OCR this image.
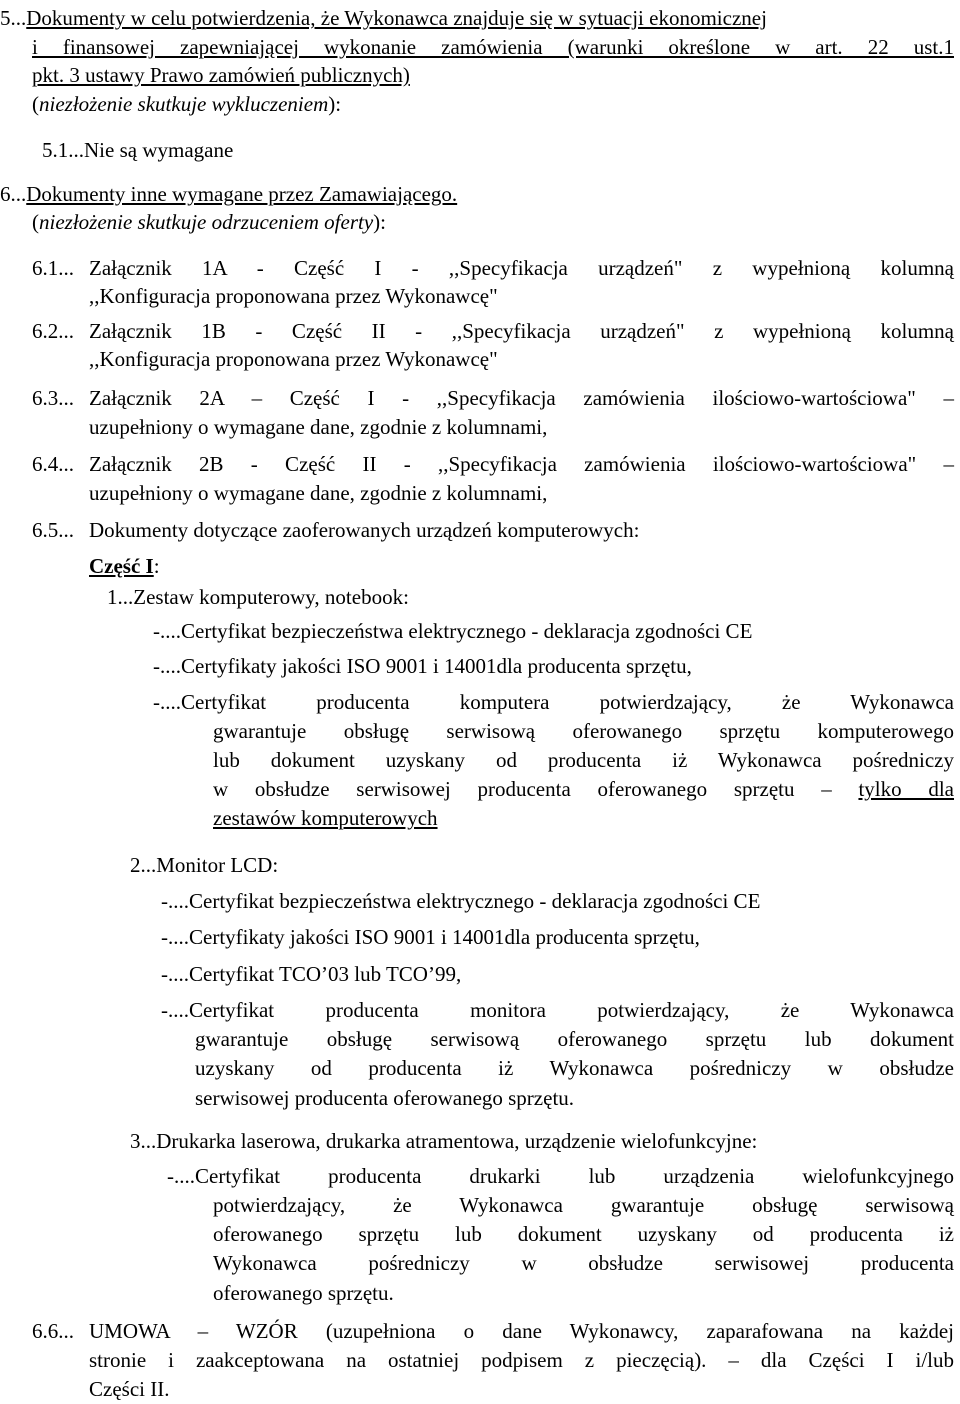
5...Dokumenty w celu potwierdzenia, że Wykonawca znajduje się w sytuacji ekonomicznej
i finansowej zapewniającej wykonanie zamówienia (warunki określone w art. 22 ust.1
pkt. 3 ustawy Prawo zamówień publicznych)
(niezłożenie skutkuje wykluczeniem):
5.1...Nie są wymagane
6...Dokumenty inne wymagane przez Zamawiającego.
(niezłożenie skutkuje odrzuceniem oferty):
6.1... Załącznik 1A - Część I - ,,Specyfikacja urządzeń" z wypełnioną kolumną
,,Konfiguracja proponowana przez Wykonawcę"
6.2... Załącznik 1B - Część II - ,,Specyfikacja urządzeń" z wypełnioną kolumną
,,Konfiguracja proponowana przez Wykonawcę"
6.3... Załącznik 2A – Część I - ,,Specyfikacja zamówienia ilościowo-wartościowa" –
uzupełniony o wymagane dane, zgodnie z kolumnami,
6.4... Załącznik 2B - Część II - ,,Specyfikacja zamówienia ilościowo-wartościowa" –
uzupełniony o wymagane dane, zgodnie z kolumnami,
6.5... Dokumenty dotyczące zaoferowanych urządzeń komputerowych:
Część I:
1...Zestaw komputerowy, notebook:
-....Certyfikat bezpieczeństwa elektrycznego - deklaracja zgodności CE
-....Certyfikaty jakości ISO 9001 i 14001dla producenta sprzętu,
-....Certyfikat producenta komputera potwierdzający, że Wykonawca
gwarantuje obsługę serwisową oferowanego sprzętu komputerowego
lub dokument uzyskany od producenta iż Wykonawca pośredniczy
w obsłudze serwisowej producenta oferowanego sprzętu – tylko dla
zestawów komputerowych
2...Monitor LCD:
-....Certyfikat bezpieczeństwa elektrycznego - deklaracja zgodności CE
-....Certyfikaty jakości ISO 9001 i 14001dla producenta sprzętu,
-....Certyfikat TCO’03 lub TCO’99,
-....Certyfikat producenta monitora potwierdzający, że Wykonawca
gwarantuje obsługę serwisową oferowanego sprzętu lub dokument
uzyskany od producenta iż Wykonawca pośredniczy w obsłudze
serwisowej producenta oferowanego sprzętu.
3...Drukarka laserowa, drukarka atramentowa, urządzenie wielofunkcyjne:
-....Certyfikat producenta drukarki lub urządzenia wielofunkcyjnego
potwierdzający, że Wykonawca gwarantuje obsługę serwisową
oferowanego sprzętu lub dokument uzyskany od producenta iż
Wykonawca pośredniczy w obsłudze serwisowej producenta
oferowanego sprzętu.
6.6... UMOWA – WZÓR (uzupełniona o dane Wykonawcy, zaparafowana na każdej
stronie i zaakceptowana na ostatniej podpisem z pieczęcią). – dla Części I i/lub
Części II.
